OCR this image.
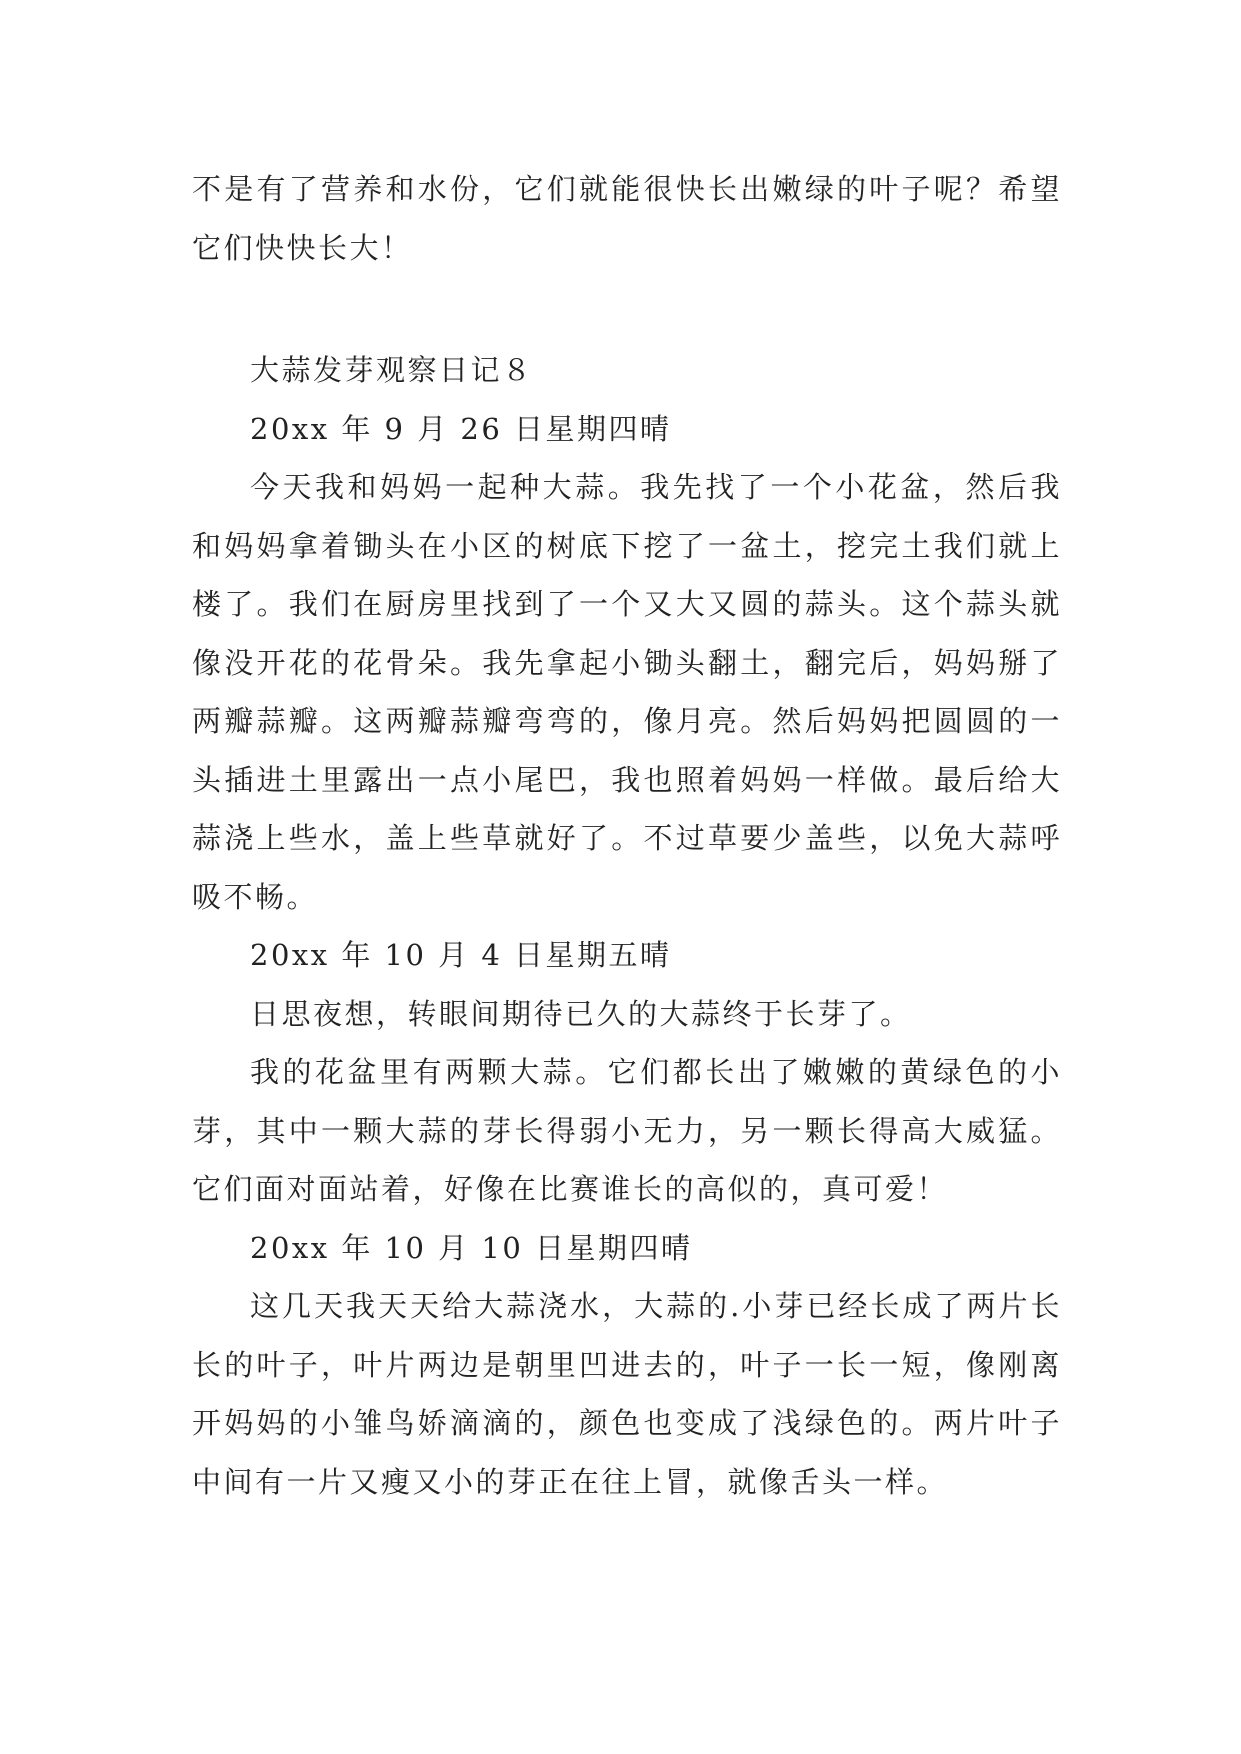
不是有了营养和水份，它们就能很快长出嫩绿的叶子呢？希望它们快快长大！

大蒜发芽观察日记８

20xx 年 9 月 26 日星期四晴

今天我和妈妈一起种大蒜。我先找了一个小花盆，然后我和妈妈拿着锄头在小区的树底下挖了一盆土，挖完土我们就上楼了。我们在厨房里找到了一个又大又圆的蒜头。这个蒜头就像没开花的花骨朵。我先拿起小锄头翻土，翻完后，妈妈掰了两瓣蒜瓣。这两瓣蒜瓣弯弯的，像月亮。然后妈妈把圆圆的一头插进土里露出一点小尾巴，我也照着妈妈一样做。最后给大蒜浇上些水，盖上些草就好了。不过草要少盖些，以免大蒜呼吸不畅。

20xx 年 10 月 4 日星期五晴

日思夜想，转眼间期待已久的大蒜终于长芽了。

我的花盆里有两颗大蒜。它们都长出了嫩嫩的黄绿色的小芽，其中一颗大蒜的芽长得弱小无力，另一颗长得高大威猛。它们面对面站着，好像在比赛谁长的高似的，真可爱！

20xx 年 10 月 10 日星期四晴

这几天我天天给大蒜浇水，大蒜的.小芽已经长成了两片长长的叶子，叶片两边是朝里凹进去的，叶子一长一短，像刚离开妈妈的小雏鸟娇滴滴的，颜色也变成了浅绿色的。两片叶子中间有一片又瘦又小的芽正在往上冒，就像舌头一样。
